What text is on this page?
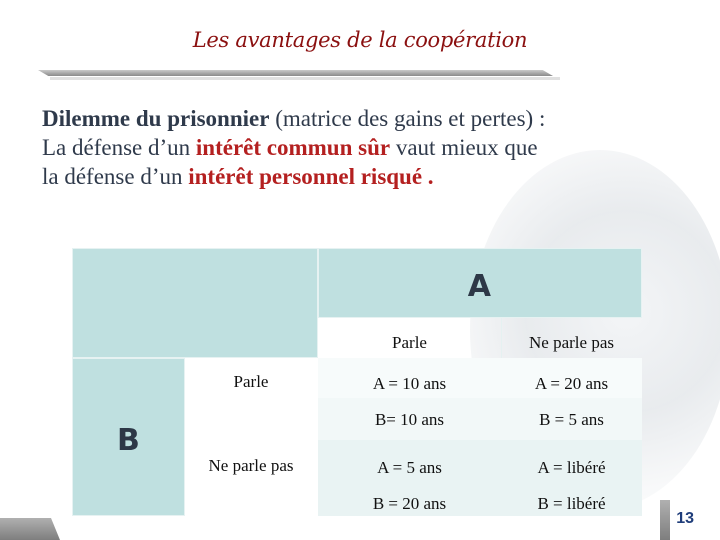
Les avantages de la coopération
Dilemme du prisonnier (matrice des gains et pertes) :
La défense d’un intérêt commun sûr vaut mieux que
la défense d’un intérêt personnel risqué .
A
Parle	Ne parle pas
B
Parle
Ne parle pas
A = 10 ans
B= 10 ans
A = 20 ans
B = 5 ans
A = 5 ans
B = 20 ans
A = libéré
B = libéré
13
